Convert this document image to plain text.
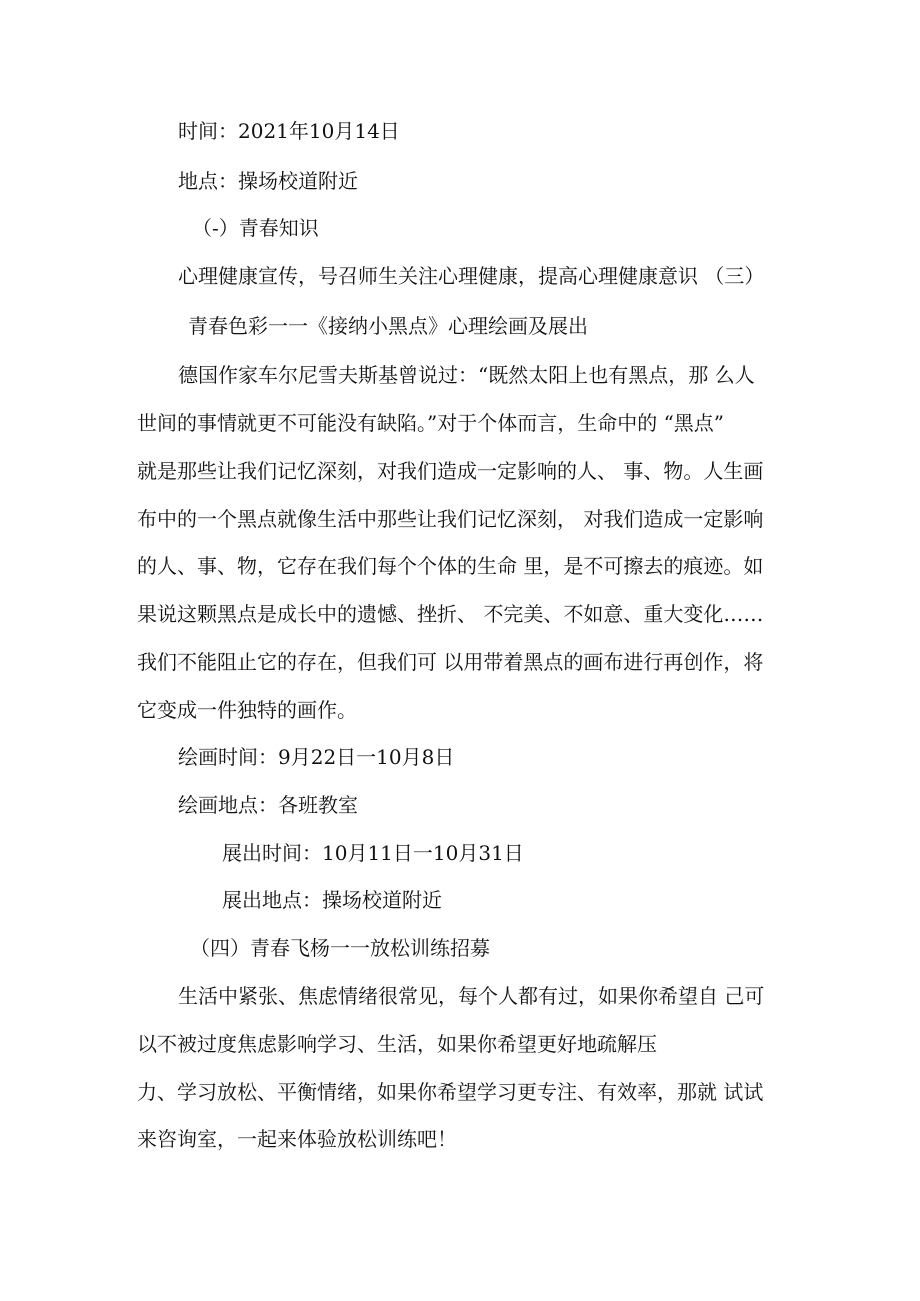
时间：2021年10月14日
地点：操场校道附近
（-）青春知识
心理健康宣传，号召师生关注心理健康，提高心理健康意识 （三）
青春色彩一一《接纳小黑点》心理绘画及展出
德国作家车尔尼雪夫斯基曾说过：“既然太阳上也有黑点，那 么人
世间的事情就更不可能没有缺陷。”对于个体而言，生命中的 “黑点”
就是那些让我们记忆深刻，对我们造成一定影响的人、 事、物。人生画
布中的一个黑点就像生活中那些让我们记忆深刻， 对我们造成一定影响
的人、事、物，它存在我们每个个体的生命 里，是不可擦去的痕迹。如
果说这颗黑点是成长中的遗憾、挫折、 不完美、不如意、重大变化……
我们不能阻止它的存在，但我们可 以用带着黑点的画布进行再创作，将
它变成一件独特的画作。
绘画时间：9月22日一10月8日
绘画地点：各班教室
展出时间：10月11日一10月31日
展出地点：操场校道附近
（四）青春飞杨一一放松训练招募
生活中紧张、焦虑情绪很常见，每个人都有过，如果你希望自 己可
以不被过度焦虑影响学习、生活，如果你希望更好地疏解压
力、学习放松、平衡情绪，如果你希望学习更专注、有效率，那就 试试
来咨询室，一起来体验放松训练吧！
